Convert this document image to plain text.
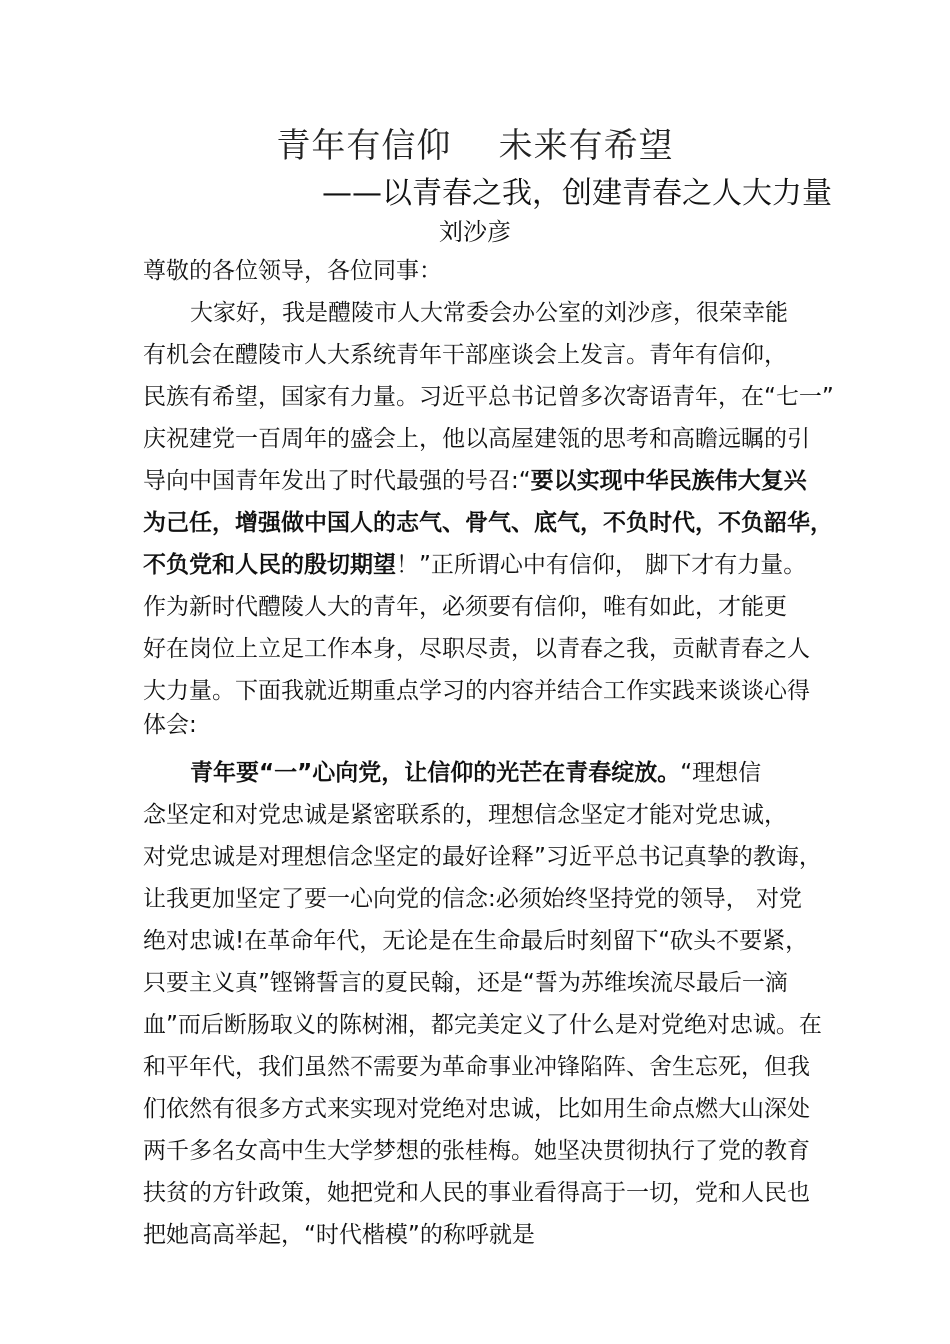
青年有信仰    未来有希望
——以青春之我，创建青春之人大力量
刘沙彦
尊敬的各位领导，各位同事：
大家好，我是醴陵市人大常委会办公室的刘沙彦，很荣幸能
有机会在醴陵市人大系统青年干部座谈会上发言。青年有信仰，
民族有希望，国家有力量。习近平总书记曾多次寄语青年，在“七一”
庆祝建党一百周年的盛会上，他以高屋建瓴的思考和高瞻远瞩的引
导向中国青年发出了时代最强的号召:“要以实现中华民族伟大复兴
为己任，增强做中国人的志气、骨气、底气，不负时代，不负韶华，
不负党和人民的殷切期望！”正所谓心中有信仰， 脚下才有力量。
作为新时代醴陵人大的青年，必须要有信仰，唯有如此，才能更
好在岗位上立足工作本身，尽职尽责，以青春之我，贡献青春之人
大力量。下面我就近期重点学习的内容并结合工作实践来谈谈心得
体会:
青年要“一”心向党，让信仰的光芒在青春绽放。“理想信
念坚定和对党忠诚是紧密联系的，理想信念坚定才能对党忠诚，
对党忠诚是对理想信念坚定的最好诠释”习近平总书记真挚的教诲，
让我更加坚定了要一心向党的信念:必须始终坚持党的领导， 对党
绝对忠诚!在革命年代，无论是在生命最后时刻留下“砍头不要紧，
只要主义真”铿锵誓言的夏民翰，还是“誓为苏维埃流尽最后一滴
血”而后断肠取义的陈树湘，都完美定义了什么是对党绝对忠诚。在
和平年代，我们虽然不需要为革命事业冲锋陷阵、舍生忘死，但我
们依然有很多方式来实现对党绝对忠诚，比如用生命点燃大山深处
两千多名女高中生大学梦想的张桂梅。她坚决贯彻执行了党的教育
扶贫的方针政策，她把党和人民的事业看得高于一切，党和人民也
把她高高举起，“时代楷模”的称呼就是
